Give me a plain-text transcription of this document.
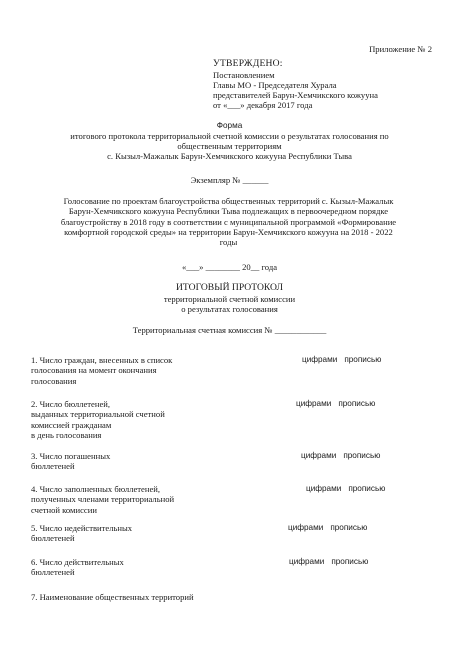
Приложение № 2
УТВЕРЖДЕНО:
Постановлением
Главы МО - Председателя Хурала
представителей Барун-Хемчикского кожууна
от «___» декабря 2017 года
Форма
итогового протокола территориальной счетной комиссии о результатах голосования по
общественным территориям
с. Кызыл-Мажалык Барун-Хемчикского кожууна Республики Тыва
Экземпляр № ______
Голосование по проектам благоустройства общественных территорий с. Кызыл-Мажалык
Барун-Хемчикского кожууна Республики Тыва подлежащих в первоочередном порядке
благоустройству в 2018 году в соответствии с муниципальной программой «Формирование
комфортной городской среды» на территории Барун-Хемчикского кожууна на 2018 - 2022
годы
«___» ________ 20__ года
ИТОГОВЫЙ ПРОТОКОЛ
территориальной счетной комиссии
о результатах голосования
Территориальная счетная комиссия № ____________
1. Число граждан, внесенных в список
голосования на момент окончания
голосования
цифрами прописью
2. Число бюллетеней,
выданных территориальной счетной
комиссией гражданам
в день голосования
цифрами прописью
3. Число погашенных
бюллетеней
цифрами прописью
4. Число заполненных бюллетеней,
полученных членами территориальной
счетной комиссии
цифрами прописью
5. Число недействительных
бюллетеней
цифрами прописью
6. Число действительных
бюллетеней
цифрами прописью
7. Наименование общественных территорий
